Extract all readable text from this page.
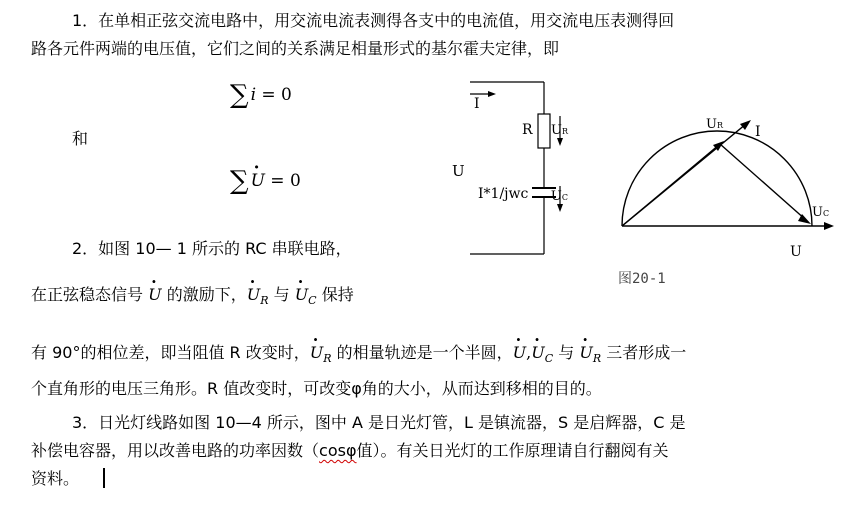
1．在单相正弦交流电路中，用交流电流表测得各支中的电流值，用交流电压表测得回
路各元件两端的电压值，它们之间的关系满足相量形式的基尔霍夫定律，即
∑ i = 0
和
∑ · U = 0
2．如图 10— 1 所示的 RC 串联电路，
在正弦稳态信号 · U 的激励下，· $U_R$ 与 · $U_C$ 保持
有 90°的相位差，即当阻值 R 改变时，· $U_R$ 的相量轨迹是一个半圆，· $U,\cdot U_C$ 与 · $U_R$ 三者形成一
个直角形的电压三角形。R 值改变时，可改变φ角的大小，从而达到移相的目的。
3．日光灯线路如图 10—4 所示，图中 A 是日光灯管，L 是镇流器，S 是启辉器，C 是
补偿电容器，用以改善电路的功率因数（cosφ值）。有关日光灯的工作原理请自行翻阅有关
资料。
I
R UR
U
I*1/jwc UC
UR I
UC
U
图20-1
